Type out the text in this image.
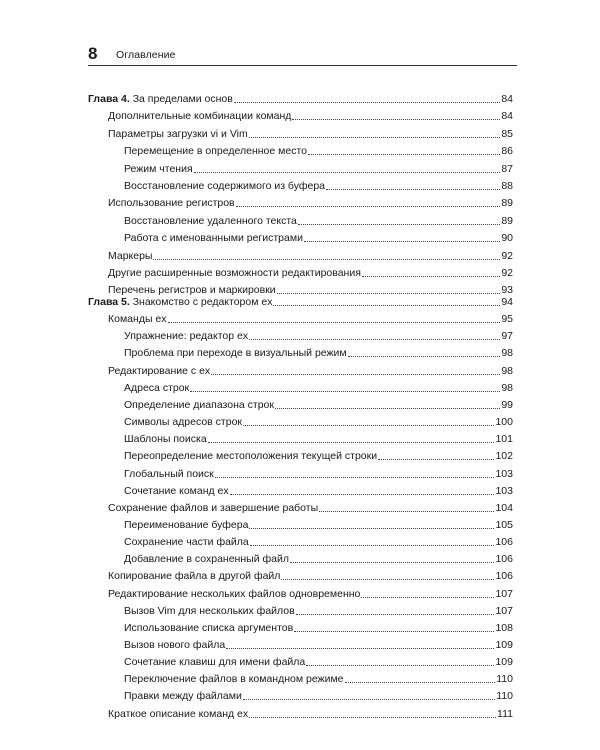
8 Оглавление
Глава 4. За пределами основ	84
Дополнительные комбинации команд	84
Параметры загрузки vi и Vim	85
Перемещение в определенное место	86
Режим чтения	87
Восстановление содержимого из буфера	88
Использование регистров	89
Восстановление удаленного текста	89
Работа с именованными регистрами	90
Маркеры	92
Другие расширенные возможности редактирования	92
Перечень регистров и маркировки	93
Глава 5. Знакомство с редактором ex	94
Команды ex	95
Упражнение: редактор ex	97
Проблема при переходе в визуальный режим	98
Редактирование с ex	98
Адреса строк	98
Определение диапазона строк	99
Символы адресов строк	100
Шаблоны поиска	101
Переопределение местоположения текущей строки	102
Глобальный поиск	103
Сочетание команд ex	103
Сохранение файлов и завершение работы	104
Переименование буфера	105
Сохранение части файла	106
Добавление в сохраненный файл	106
Копирование файла в другой файл	106
Редактирование нескольких файлов одновременно	107
Вызов Vim для нескольких файлов	107
Использование списка аргументов	108
Вызов нового файла	109
Сочетание клавиш для имени файла	109
Переключение файлов в командном режиме	110
Правки между файлами	110
Краткое описание команд ex	111
